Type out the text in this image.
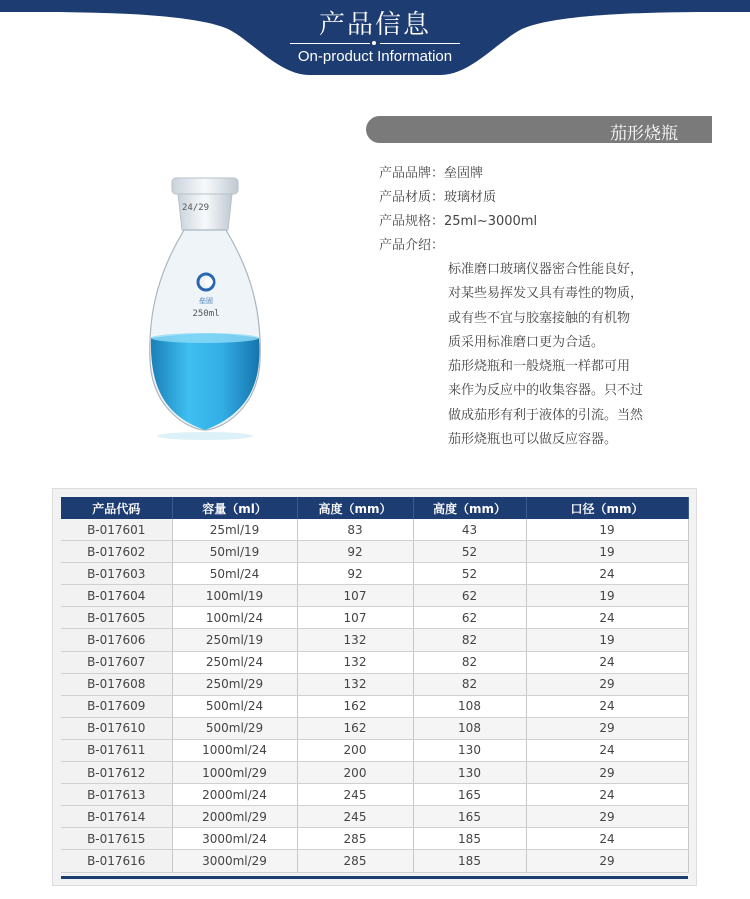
产品信息
On-product Information
茄形烧瓶
24/29
垒固
250ml
产品品牌：垒固牌
产品材质：玻璃材质
产品规格：25ml~3000ml
产品介绍：
标准磨口玻璃仪器密合性能良好，
对某些易挥发又具有毒性的物质，
或有些不宜与胶塞接触的有机物
质采用标准磨口更为合适。
茄形烧瓶和一般烧瓶一样都可用
来作为反应中的收集容器。只不过
做成茄形有利于液体的引流。当然
茄形烧瓶也可以做反应容器。
产品代码	容量（ml）	高度（mm）	高度（mm）	口径（mm）
B-017601	25ml/19	83	43	19
B-017602	50ml/19	92	52	19
B-017603	50ml/24	92	52	24
B-017604	100ml/19	107	62	19
B-017605	100ml/24	107	62	24
B-017606	250ml/19	132	82	19
B-017607	250ml/24	132	82	24
B-017608	250ml/29	132	82	29
B-017609	500ml/24	162	108	24
B-017610	500ml/29	162	108	29
B-017611	1000ml/24	200	130	24
B-017612	1000ml/29	200	130	29
B-017613	2000ml/24	245	165	24
B-017614	2000ml/29	245	165	29
B-017615	3000ml/24	285	185	24
B-017616	3000ml/29	285	185	29
